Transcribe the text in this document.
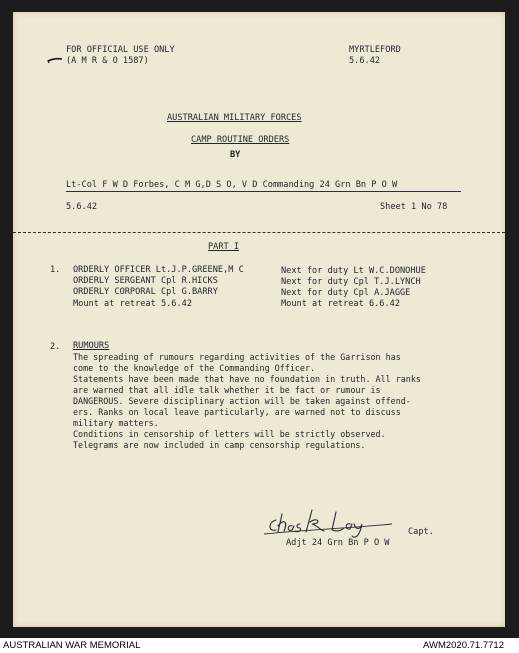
FOR OFFICIAL USE ONLY
(A M R & O 1587)
MYRTLEFORD
5.6.42
AUSTRALIAN MILITARY FORCES
CAMP ROUTINE ORDERS
BY
Lt-Col F W D Forbes, C M G,D S O, V D Commanding 24 Grn Bn P O W
5.6.42	Sheet 1 No 78
PART I
1. ORDERLY OFFICER Lt.J.P.GREENE,M C
ORDERLY SERGEANT Cpl R.HICKS
ORDERLY CORPORAL Cpl G.BARRY
Mount at retreat 5.6.42
Next for duty Lt W.C.DONOHUE
Next for duty Cpl T.J.LYNCH
Next for duty Cpl A.JAGGE
Mount at retreat 6.6.42
2. RUMOURS
The spreading of rumours regarding activities of the Garrison has
come to the knowledge of the Commanding Officer.
Statements have been made that have no foundation in truth. All ranks
are warned that all idle talk whether it be fact or rumour is
DANGEROUS. Severe disciplinary action will be taken against offend-
ers. Ranks on local leave particularly, are warned not to discuss
military matters.
Conditions in censorship of letters will be strictly observed.
Telegrams are now included in camp censorship regulations.
Capt.
Adjt 24 Grn Bn P O W
AUSTRALIAN WAR MEMORIAL	AWM2020.71.7712
